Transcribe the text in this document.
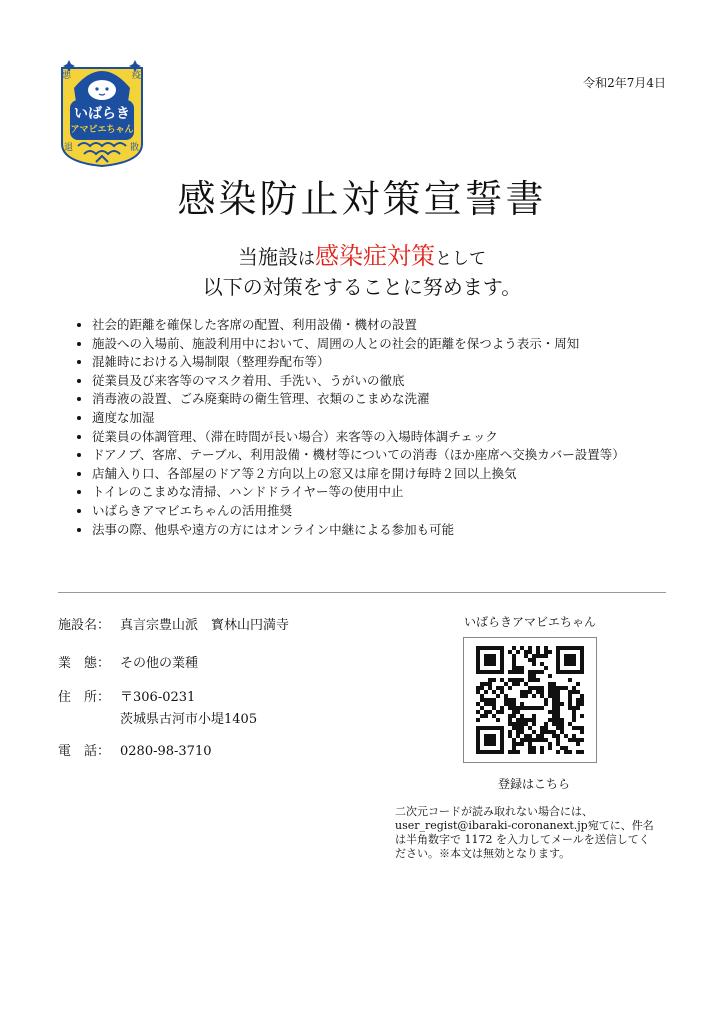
悪	疫
退	散
いばらき
アマビエちゃん
令和2年7月4日
感染防止対策宣誓書
当施設は感染症対策として
以下の対策をすることに努めます。
• 社会的距離を確保した客席の配置、利用設備・機材の設置
• 施設への入場前、施設利用中において、周囲の人との社会的距離を保つよう表示・周知
• 混雑時における入場制限（整理券配布等）
• 従業員及び来客等のマスク着用、手洗い、うがいの徹底
• 消毒液の設置、ごみ廃棄時の衛生管理、衣類のこまめな洗濯
• 適度な加湿
• 従業員の体調管理、（滞在時間が長い場合）来客等の入場時体調チェック
• ドアノブ、客席、テーブル、利用設備・機材等についての消毒（ほか座席へ交換カバー設置等）
• 店舗入り口、各部屋のドア等２方向以上の窓又は扉を開け毎時２回以上換気
• トイレのこまめな清掃、ハンドドライヤー等の使用中止
• いばらきアマビエちゃんの活用推奨
• 法事の際、他県や遠方の方にはオンライン中継による参加も可能
施設名： 真言宗豊山派　寳林山円満寺
業　態： その他の業種
住　所： 〒306-0231
茨城県古河市小堤1405
電　話： 0280-98-3710
いばらきアマビエちゃん
登録はこちら
二次元コードが読み取れない場合には、user_regist@ibaraki-coronanext.jp宛てに、件名は半角数字で 1172 を入力してメールを送信してください。※本文は無効となります。
